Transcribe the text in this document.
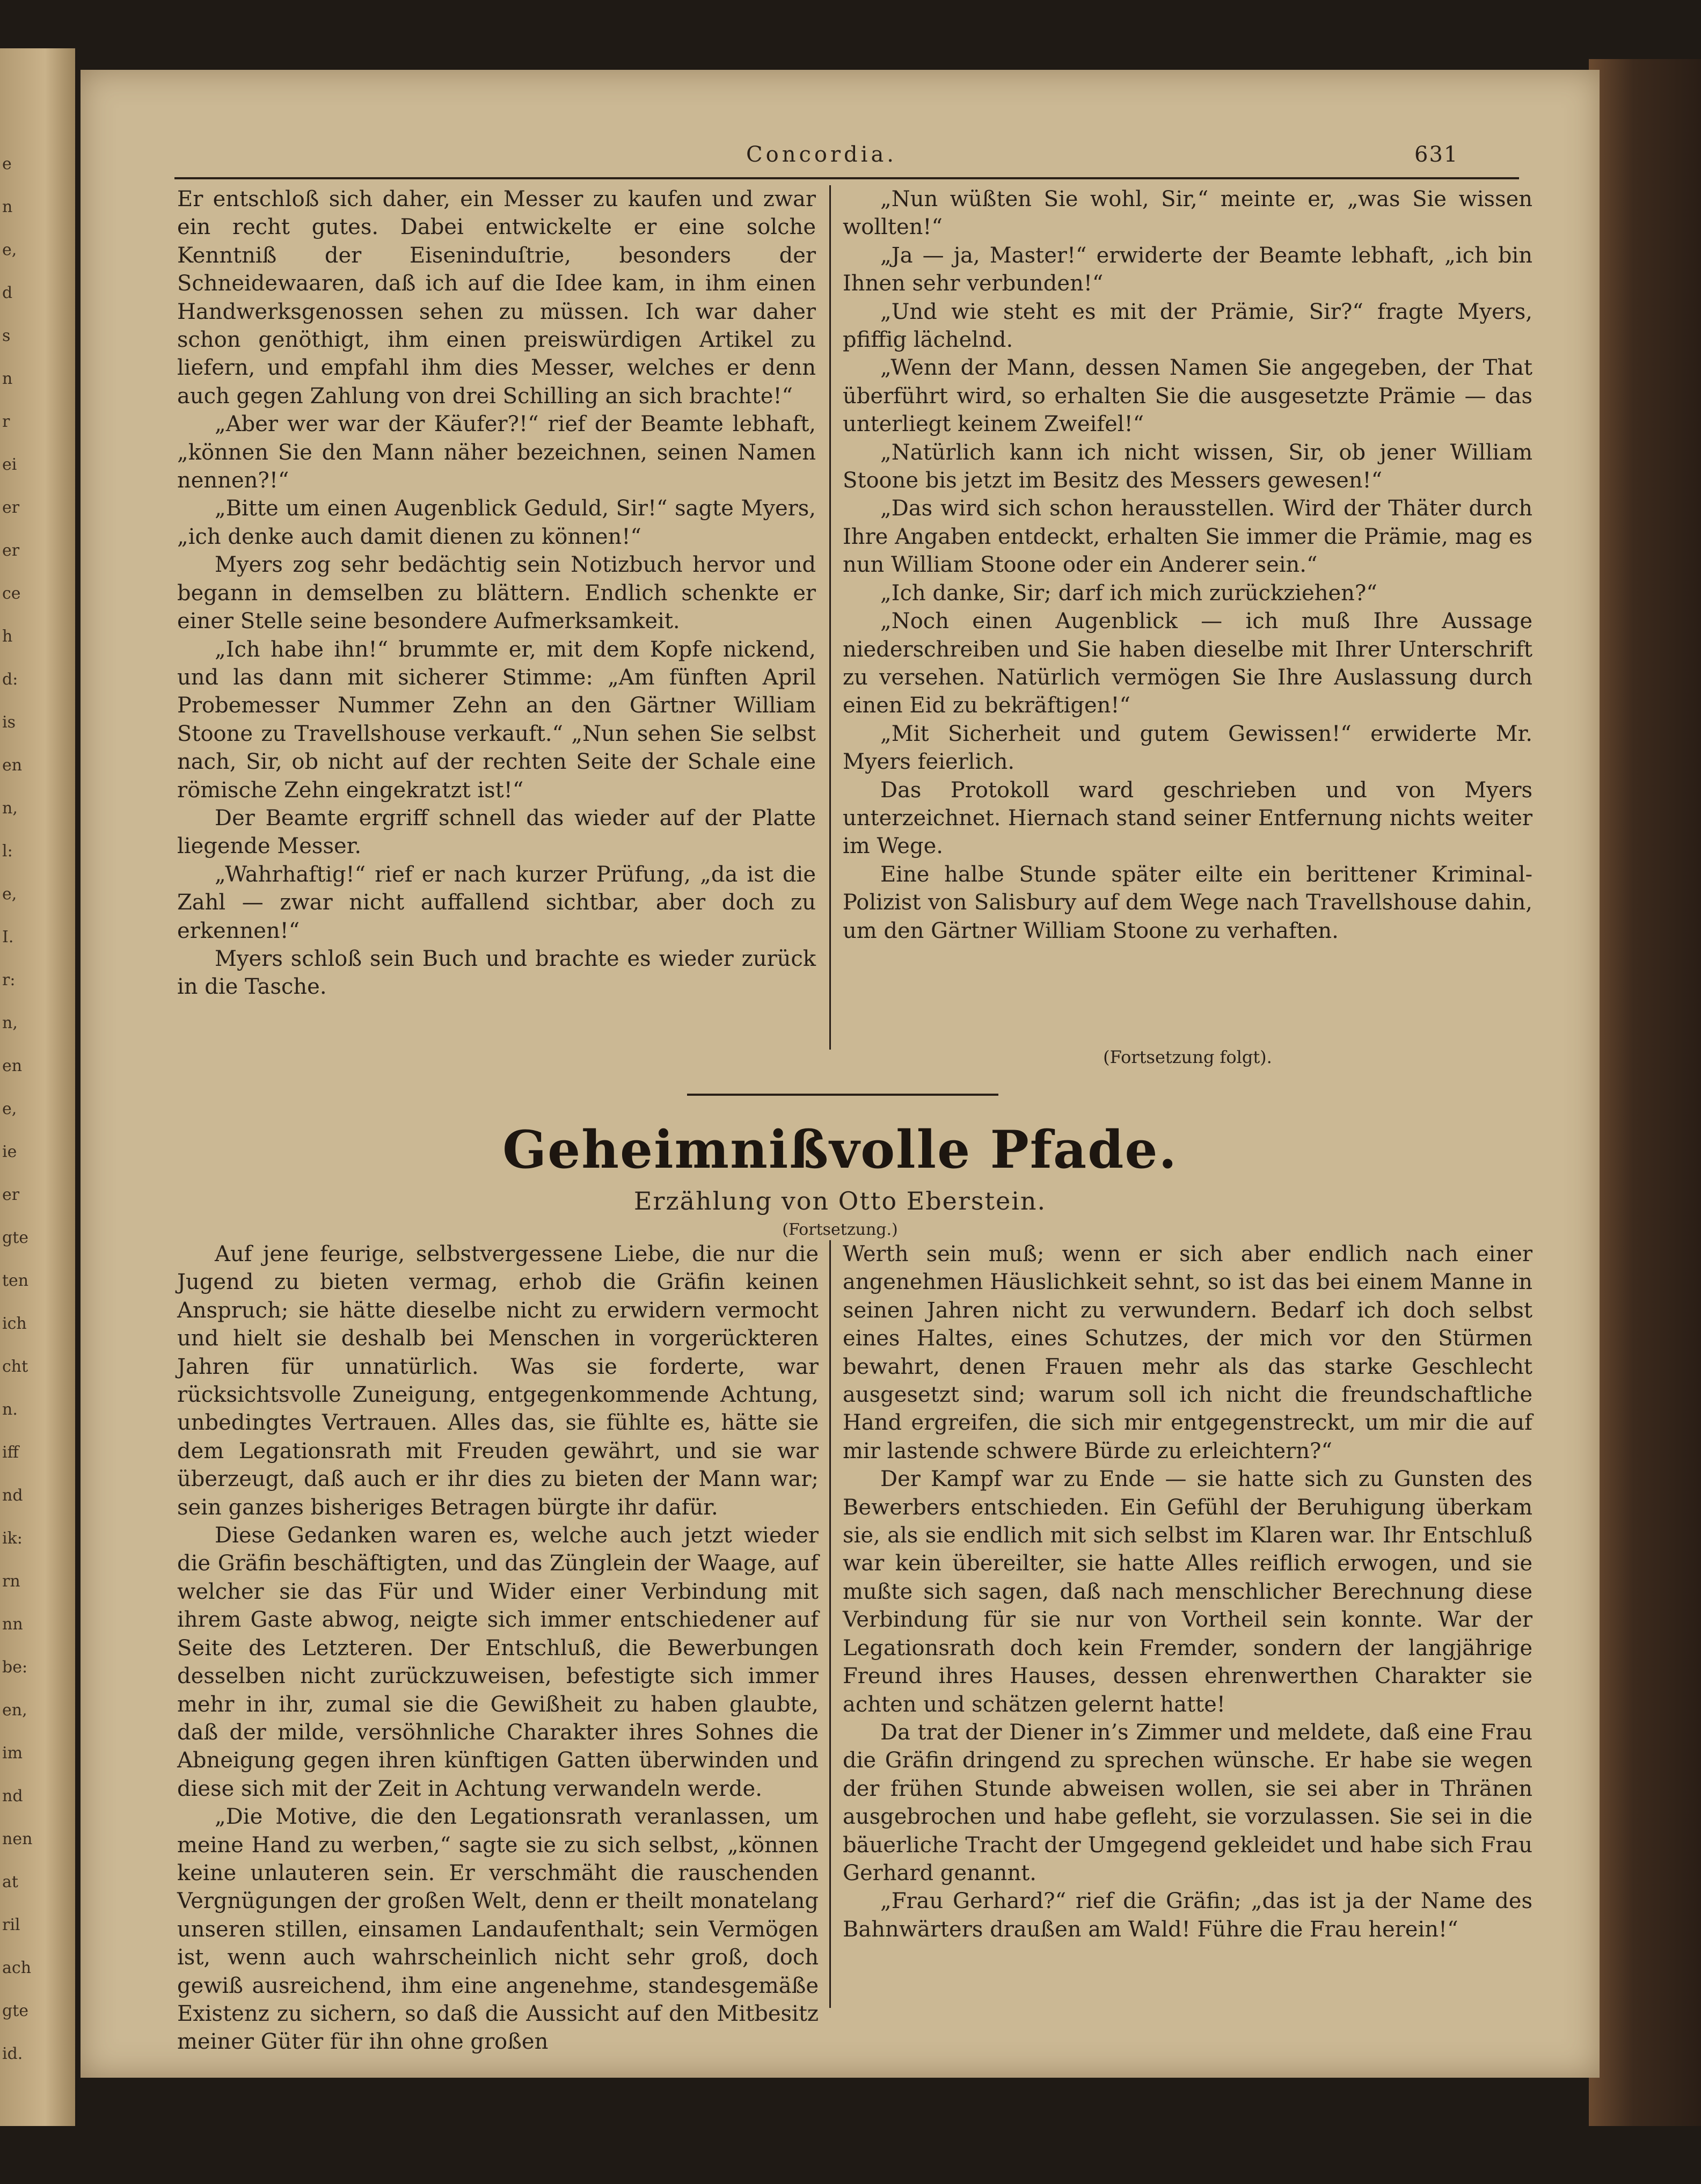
e
n
e,
d
s
n
r
ei
er
er
ce
h
d:
is
en
n,
l:
e,
I.
r:
n,
en
e,
ie
er
gte
ten
ich
cht
n.
iff
nd
ik:
rn
nn
be:
en,
im
nd
nen
at
ril
ach
gte
id.
Concordia.	631

Er entschloß sich daher, ein Messer zu kaufen und zwar ein recht gutes. Dabei entwickelte er eine solche Kenntniß der Eiseninduſtrie, besonders der Schneidewaaren, daß ich auf die Idee kam, in ihm einen Handwerksgenossen sehen zu müssen. Ich war daher schon genöthigt, ihm einen preiswürdigen Artikel zu liefern, und empfahl ihm dies Messer, welches er denn auch gegen Zahlung von drei Schilling an sich brachte!“

„Aber wer war der Käufer?!“ rief der Beamte lebhaft, „können Sie den Mann näher bezeichnen, seinen Namen nennen?!“

„Bitte um einen Augenblick Geduld, Sir!“ sagte Myers, „ich denke auch damit dienen zu können!“

Myers zog sehr bedächtig sein Notizbuch hervor und begann in demselben zu blättern. Endlich schenkte er einer Stelle seine besondere Aufmerksamkeit.

„Ich habe ihn!“ brummte er, mit dem Kopfe nickend, und las dann mit sicherer Stimme: „Am fünften April Probemesser Nummer Zehn an den Gärtner William Stoone zu Travellshouse verkauft.“ „Nun sehen Sie selbst nach, Sir, ob nicht auf der rechten Seite der Schale eine römische Zehn eingekratzt ist!“

Der Beamte ergriff schnell das wieder auf der Platte liegende Messer.

„Wahrhaftig!“ rief er nach kurzer Prüfung, „da ist die Zahl — zwar nicht auffallend sichtbar, aber doch zu erkennen!“

Myers schloß sein Buch und brachte es wieder zurück in die Tasche.

„Nun wüßten Sie wohl, Sir,“ meinte er, „was Sie wissen wollten!“

„Ja — ja, Master!“ erwiderte der Beamte lebhaft, „ich bin Ihnen sehr verbunden!“

„Und wie steht es mit der Prämie, Sir?“ fragte Myers, pfiffig lächelnd.

„Wenn der Mann, dessen Namen Sie angegeben, der That überführt wird, so erhalten Sie die ausgesetzte Prämie — das unterliegt keinem Zweifel!“

„Natürlich kann ich nicht wissen, Sir, ob jener William Stoone bis jetzt im Besitz des Messers gewesen!“

„Das wird sich schon herausstellen. Wird der Thäter durch Ihre Angaben entdeckt, erhalten Sie immer die Prämie, mag es nun William Stoone oder ein Anderer sein.“

„Ich danke, Sir; darf ich mich zurückziehen?“

„Noch einen Augenblick — ich muß Ihre Aussage niederschreiben und Sie haben dieselbe mit Ihrer Unterschrift zu versehen. Natürlich vermögen Sie Ihre Auslassung durch einen Eid zu bekräftigen!“

„Mit Sicherheit und gutem Gewissen!“ erwiderte Mr. Myers feierlich.

Das Protokoll ward geschrieben und von Myers unterzeichnet. Hiernach stand seiner Entfernung nichts weiter im Wege.

Eine halbe Stunde später eilte ein berittener Kriminal-Polizist von Salisbury auf dem Wege nach Travellshouse dahin, um den Gärtner William Stoone zu verhaften.

(Fortsetzung folgt).
Geheimnißvolle Pfade.
Erzählung von Otto Eberstein.
(Fortsetzung.)

Auf jene feurige, selbstvergessene Liebe, die nur die Jugend zu bieten vermag, erhob die Gräfin keinen Anspruch; sie hätte dieselbe nicht zu erwidern vermocht und hielt sie deshalb bei Menschen in vorgerückteren Jahren für unnatürlich. Was sie forderte, war rücksichtsvolle Zuneigung, entgegenkommende Achtung, unbedingtes Vertrauen. Alles das, sie fühlte es, hätte sie dem Legationsrath mit Freuden gewährt, und sie war überzeugt, daß auch er ihr dies zu bieten der Mann war; sein ganzes bisheriges Betragen bürgte ihr dafür.

Diese Gedanken waren es, welche auch jetzt wieder die Gräfin beschäftigten, und das Zünglein der Waage, auf welcher sie das Für und Wider einer Verbindung mit ihrem Gaste abwog, neigte sich immer entschiedener auf Seite des Letzteren. Der Entschluß, die Bewerbungen desselben nicht zurückzuweisen, befestigte sich immer mehr in ihr, zumal sie die Gewißheit zu haben glaubte, daß der milde, versöhnliche Charakter ihres Sohnes die Abneigung gegen ihren künftigen Gatten überwinden und diese sich mit der Zeit in Achtung verwandeln werde.

„Die Motive, die den Legationsrath veranlassen, um meine Hand zu werben,“ sagte sie zu sich selbst, „können keine unlauteren sein. Er verschmäht die rauschenden Vergnügungen der großen Welt, denn er theilt monatelang unseren stillen, einsamen Landaufenthalt; sein Vermögen ist, wenn auch wahrscheinlich nicht sehr groß, doch gewiß ausreichend, ihm eine angenehme, standesgemäße Existenz zu sichern, so daß die Aussicht auf den Mitbesitz meiner Güter für ihn ohne großen

Werth sein muß; wenn er sich aber endlich nach einer angenehmen Häuslichkeit sehnt, so ist das bei einem Manne in seinen Jahren nicht zu verwundern. Bedarf ich doch selbst eines Haltes, eines Schutzes, der mich vor den Stürmen bewahrt, denen Frauen mehr als das starke Geschlecht ausgesetzt sind; warum soll ich nicht die freundschaftliche Hand ergreifen, die sich mir entgegenstreckt, um mir die auf mir lastende schwere Bürde zu erleichtern?“

Der Kampf war zu Ende — sie hatte sich zu Gunsten des Bewerbers entschieden. Ein Gefühl der Beruhigung überkam sie, als sie endlich mit sich selbst im Klaren war. Ihr Entschluß war kein übereilter, sie hatte Alles reiflich erwogen, und sie mußte sich sagen, daß nach menschlicher Berechnung diese Verbindung für sie nur von Vortheil sein konnte. War der Legationsrath doch kein Fremder, sondern der langjährige Freund ihres Hauses, dessen ehrenwerthen Charakter sie achten und schätzen gelernt hatte!

Da trat der Diener in’s Zimmer und meldete, daß eine Frau die Gräfin dringend zu sprechen wünsche. Er habe sie wegen der frühen Stunde abweisen wollen, sie sei aber in Thränen ausgebrochen und habe gefleht, sie vorzulassen. Sie sei in die bäuerliche Tracht der Umgegend gekleidet und habe sich Frau Gerhard genannt.

„Frau Gerhard?“ rief die Gräfin; „das ist ja der Name des Bahnwärters draußen am Wald! Führe die Frau herein!“
